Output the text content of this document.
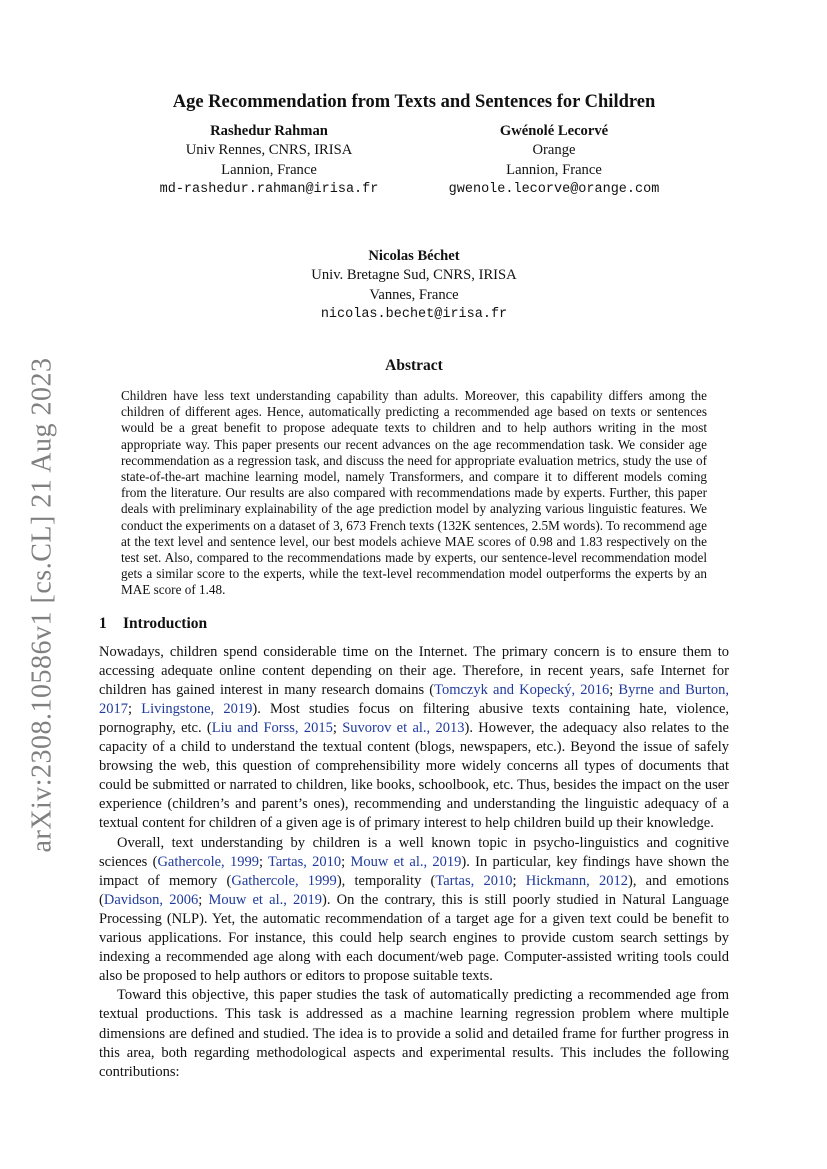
arXiv:2308.10586v1 [cs.CL] 21 Aug 2023
Age Recommendation from Texts and Sentences for Children
Rashedur Rahman
Univ Rennes, CNRS, IRISA
Lannion, France
md-rashedur.rahman@irisa.fr
Gwénolé Lecorvé
Orange
Lannion, France
gwenole.lecorve@orange.com
Nicolas Béchet
Univ. Bretagne Sud, CNRS, IRISA
Vannes, France
nicolas.bechet@irisa.fr
Abstract
Children have less text understanding capability than adults. Moreover, this capability differs among the children of different ages. Hence, automatically predicting a recommended age based on texts or sentences would be a great benefit to propose adequate texts to children and to help authors writing in the most appropriate way. This paper presents our recent advances on the age recommendation task. We consider age recommendation as a regression task, and discuss the need for appropriate evaluation metrics, study the use of state-of-the-art machine learning model, namely Transformers, and compare it to different models coming from the literature. Our results are also compared with recommendations made by experts. Further, this paper deals with preliminary explainability of the age prediction model by analyzing various linguistic features. We conduct the experiments on a dataset of 3, 673 French texts (132K sentences, 2.5M words). To recommend age at the text level and sentence level, our best models achieve MAE scores of 0.98 and 1.83 respectively on the test set. Also, compared to the recommendations made by experts, our sentence-level recommendation model gets a similar score to the experts, while the text-level recommendation model outperforms the experts by an MAE score of 1.48.
1 Introduction

Nowadays, children spend considerable time on the Internet. The primary concern is to ensure them to accessing adequate online content depending on their age. Therefore, in recent years, safe Internet for children has gained interest in many research domains (Tomczyk and Kopecký, 2016; Byrne and Burton, 2017; Livingstone, 2019). Most studies focus on filtering abusive texts containing hate, violence, pornography, etc. (Liu and Forss, 2015; Suvorov et al., 2013). However, the adequacy also relates to the capacity of a child to understand the textual content (blogs, newspapers, etc.). Beyond the issue of safely browsing the web, this question of comprehensibility more widely concerns all types of documents that could be submitted or narrated to children, like books, schoolbook, etc. Thus, besides the impact on the user experience (children’s and parent’s ones), recommending and understanding the linguistic adequacy of a textual content for children of a given age is of primary interest to help children build up their knowledge.

Overall, text understanding by children is a well known topic in psycho-linguistics and cognitive sciences (Gathercole, 1999; Tartas, 2010; Mouw et al., 2019). In particular, key findings have shown the impact of memory (Gathercole, 1999), temporality (Tartas, 2010; Hickmann, 2012), and emotions (Davidson, 2006; Mouw et al., 2019). On the contrary, this is still poorly studied in Natural Language Processing (NLP). Yet, the automatic recommendation of a target age for a given text could be benefit to various applications. For instance, this could help search engines to provide custom search settings by indexing a recommended age along with each document/web page. Computer-assisted writing tools could also be proposed to help authors or editors to propose suitable texts.

Toward this objective, this paper studies the task of automatically predicting a recommended age from textual productions. This task is addressed as a machine learning regression problem where multiple dimensions are defined and studied. The idea is to provide a solid and detailed frame for further progress in this area, both regarding methodological aspects and experimental results. This includes the following contributions:
